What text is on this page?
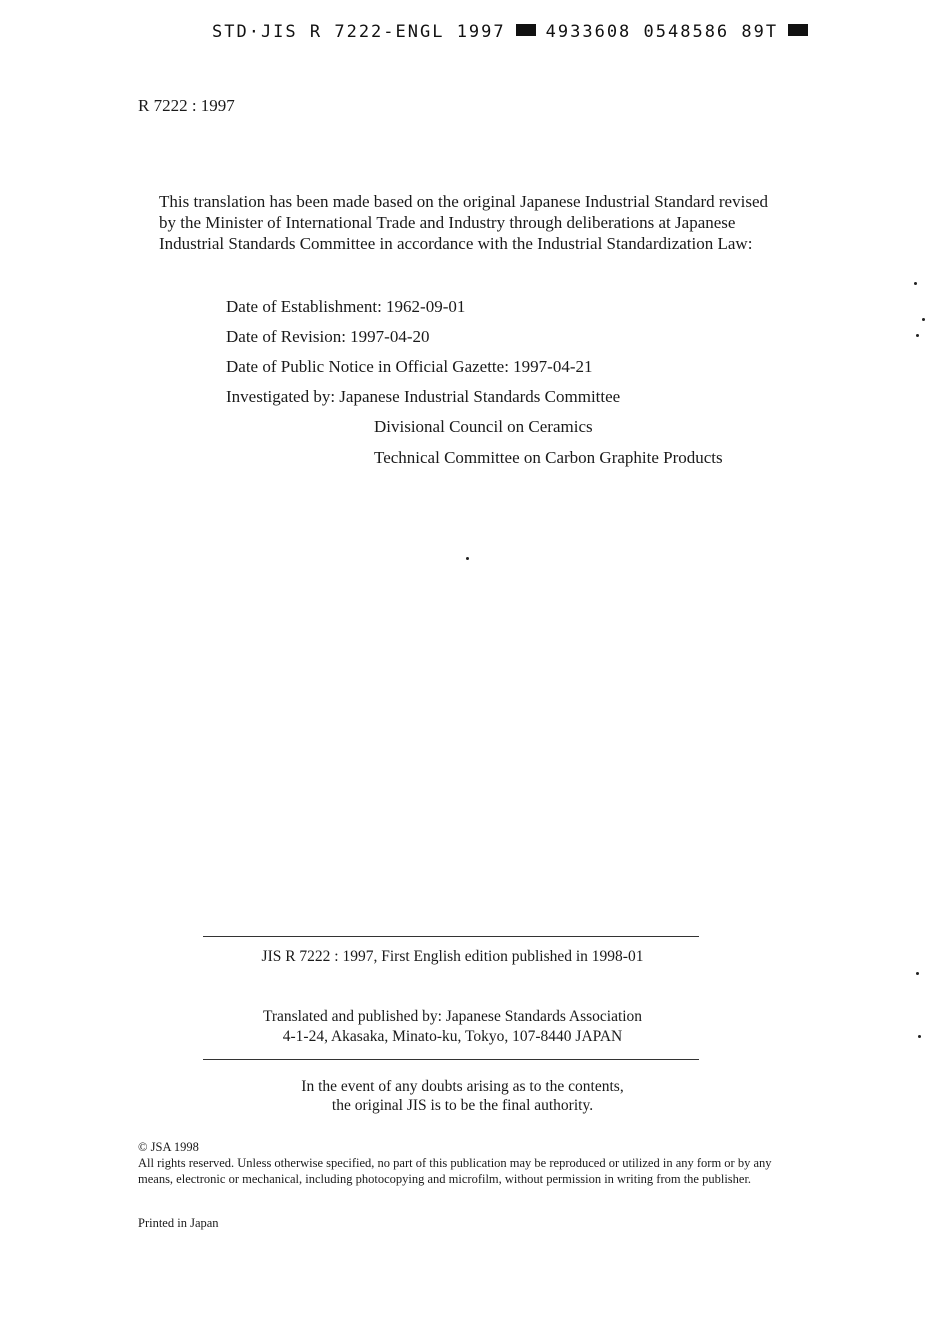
STD·JIS R 7222-ENGL 1997 4933608 0548586 89T
R 7222 : 1997
This translation has been made based on the original Japanese Industrial Standard revised by the Minister of International Trade and Industry through deliberations at Japanese Industrial Standards Committee in accordance with the Industrial Standardization Law:
Date of Establishment: 1962-09-01
Date of Revision: 1997-04-20
Date of Public Notice in Official Gazette: 1997-04-21
Investigated by: Japanese Industrial Standards Committee
Divisional Council on Ceramics
Technical Committee on Carbon Graphite Products
JIS R 7222 : 1997, First English edition published in 1998-01
Translated and published by: Japanese Standards Association
4-1-24, Akasaka, Minato-ku, Tokyo, 107-8440 JAPAN
In the event of any doubts arising as to the contents,
the original JIS is to be the final authority.
© JSA 1998
All rights reserved. Unless otherwise specified, no part of this publication may be reproduced or utilized in any form or by any means, electronic or mechanical, including photocopying and microfilm, without permission in writing from the publisher.
Printed in Japan
